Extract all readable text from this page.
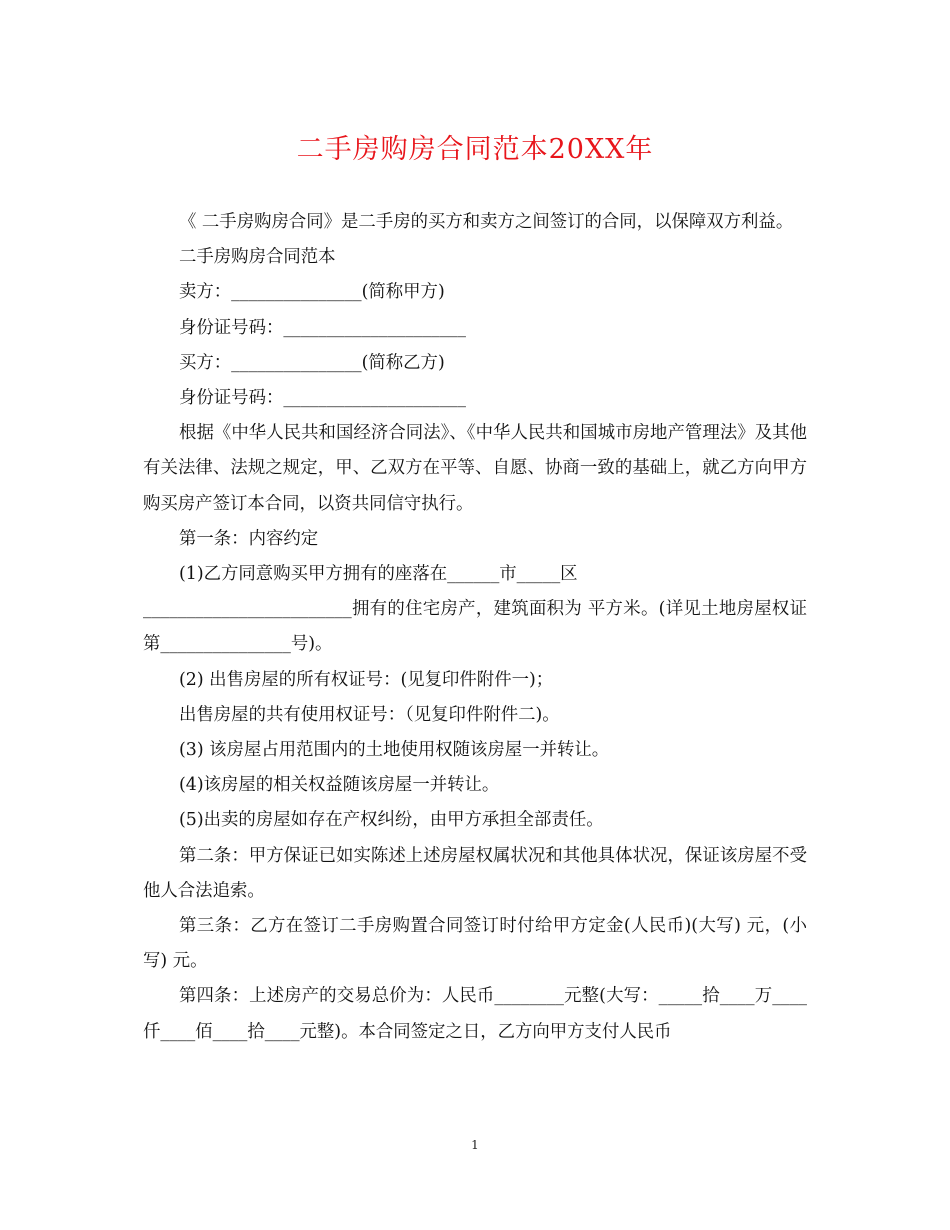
二手房购房合同范本20XX年

《 二手房购房合同》是二手房的买方和卖方之间签订的合同，以保障双方利益。

二手房购房合同范本

卖方：_______________(简称甲方)

身份证号码：_____________________

买方：_______________(简称乙方)

身份证号码：_____________________

根据《中华人民共和国经济合同法》、《中华人民共和国城市房地产管理法》及其他有关法律、法规之规定，甲、乙双方在平等、自愿、协商一致的基础上，就乙方向甲方购买房产签订本合同，以资共同信守执行。

第一条：内容约定

(1)乙方同意购买甲方拥有的座落在______市_____区

________________________拥有的住宅房产，建筑面积为 平方米。(详见土地房屋权证第_______________号)。

(2) 出售房屋的所有权证号：(见复印件附件一)；

出售房屋的共有使用权证号：（见复印件附件二)。

(3) 该房屋占用范围内的土地使用权随该房屋一并转让。

(4)该房屋的相关权益随该房屋一并转让。

(5)出卖的房屋如存在产权纠纷，由甲方承担全部责任。

第二条：甲方保证已如实陈述上述房屋权属状况和其他具体状况，保证该房屋不受他人合法追索。

第三条：乙方在签订二手房购置合同签订时付给甲方定金(人民币)(大写) 元，(小写) 元。

第四条：上述房产的交易总价为：人民币________元整(大写：_____拾____万____仟____佰____拾____元整)。本合同签定之日，乙方向甲方支付人民币

1
